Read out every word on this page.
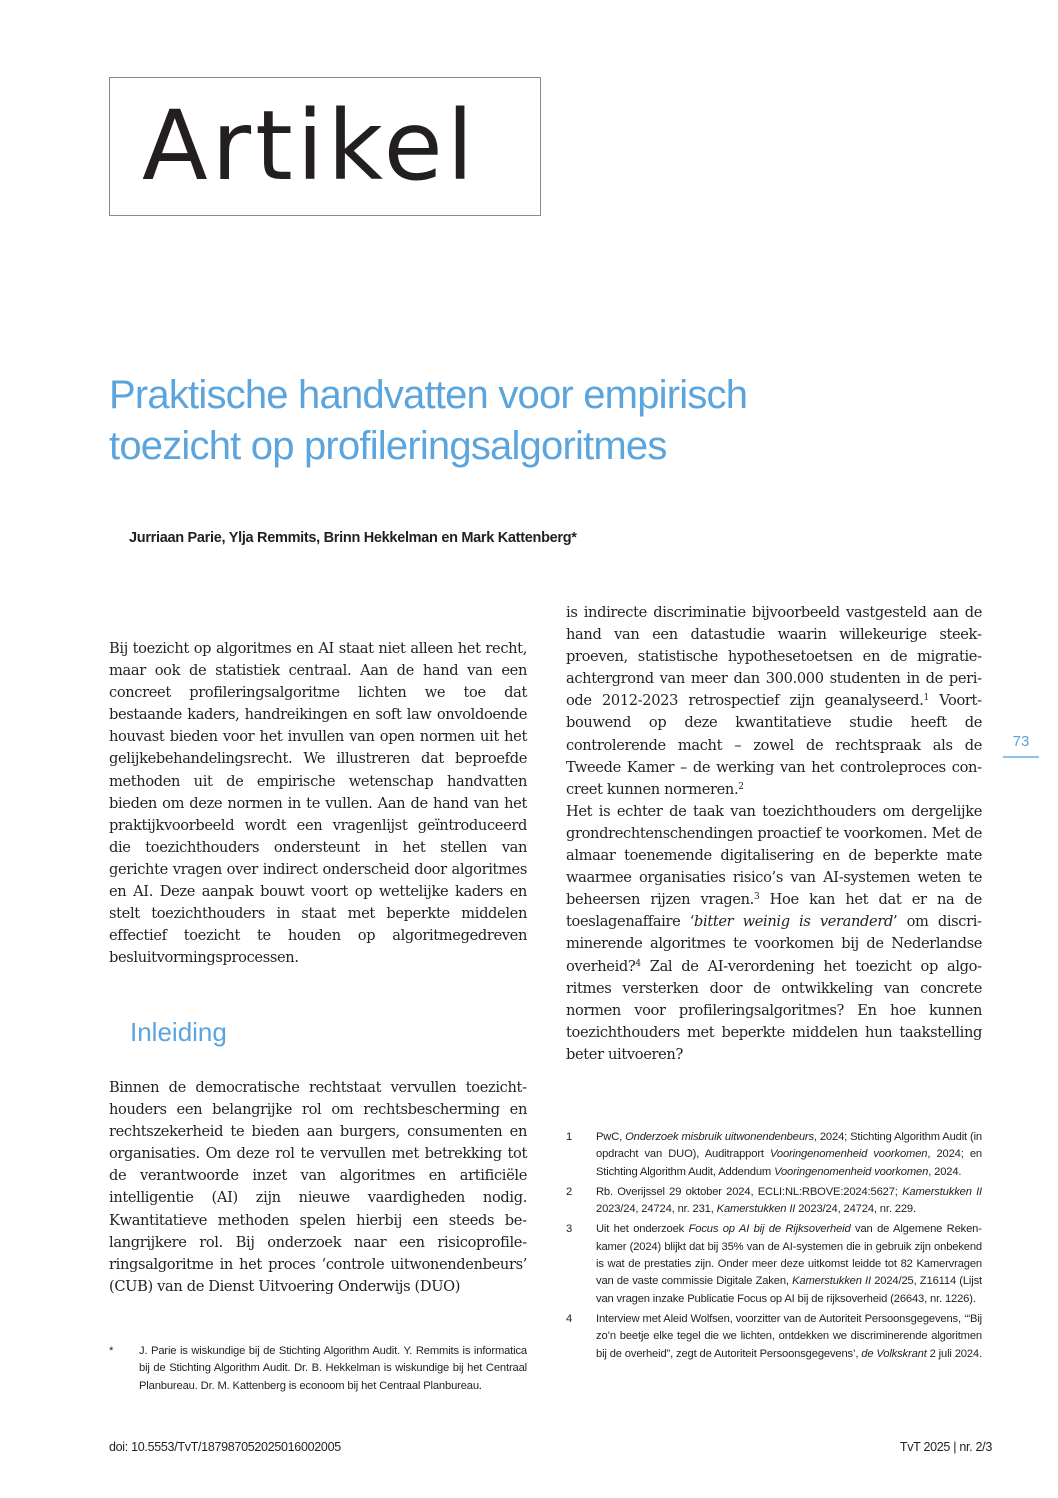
Artikel
Praktische handvatten voor empirisch
toezicht op profileringsalgoritmes
Jurriaan Parie, Ylja Remmits, Brinn Hekkelman en Mark Kattenberg*

Bij toezicht op algoritmes en AI staat niet alleen het recht, maar ook de statistiek centraal. Aan de hand van een concreet profileringsalgoritme lichten we toe dat bestaande kaders, handreikingen en soft law onvoldoende houvast bieden voor het invullen van open normen uit het gelijkebehandelingsrecht. We illustreren dat beproefde methoden uit de empirische wetenschap handvatten bieden om deze normen in te vullen. Aan de hand van het praktijkvoorbeeld wordt een vragenlijst geïntroduceerd die toezichthouders ondersteunt in het stellen van gerichte vragen over indirect onderscheid door algoritmes en AI. Deze aanpak bouwt voort op wettelijke kaders en stelt toezichthouders in staat met beperkte middelen effectief toezicht te houden op algoritmegedreven besluitvormingsprocessen.

Inleiding

Binnen de democratische rechtstaat vervullen toezichthouders een belangrijke rol om rechtsbescherming en rechtszekerheid te bieden aan burgers, consumenten en organisaties. Om deze rol te vervullen met betrekking tot de verantwoorde inzet van algoritmes en artificiële intelligentie (AI) zijn nieuwe vaardigheden nodig. Kwantitatieve methoden spelen hierbij een steeds belangrijkere rol. Bij onderzoek naar een risicoprofileringsalgoritme in het proces ‘controle uitwonendenbeurs’ (CUB) van de Dienst Uitvoering Onderwijs (DUO)

is indirecte discriminatie bijvoorbeeld vastgesteld aan de hand van een datastudie waarin willekeurige steekproeven, statistische hypothesetoetsen en de migratieachtergrond van meer dan 300.000 studenten in de periode 2012-2023 retrospectief zijn geanalyseerd.$^1$ Voortbouwend op deze kwantitatieve studie heeft de controlerende macht – zowel de rechtspraak als de Tweede Kamer – de werking van het controleproces concreet kunnen normeren.$^2$

Het is echter de taak van toezichthouders om dergelijke grondrechtenschendingen proactief te voorkomen. Met de almaar toenemende digitalisering en de beperkte mate waarmee organisaties risico’s van AI-systemen weten te beheersen rijzen vragen.$^3$ Hoe kan het dat er na de toeslagenaffaire ‘bitter weinig is veranderd’ om discriminerende algoritmes te voorkomen bij de Nederlandse overheid?$^4$ Zal de AI-verordening het toezicht op algoritmes versterken door de ontwikkeling van concrete normen voor profileringsalgoritmes? En hoe kunnen toezichthouders met beperkte middelen hun taakstelling beter uitvoeren?

73
*	J. Parie is wiskundige bij de Stichting Algorithm Audit. Y. Remmits is informatica bij de Stichting Algorithm Audit. Dr. B. Hekkelman is wiskundige bij het Centraal Planbureau. Dr. M. Kattenberg is econoom bij het Centraal Planbureau.
1	PwC, Onderzoek misbruik uitwonendenbeurs, 2024; Stichting Algorithm Audit (in opdracht van DUO), Auditrapport Vooringenomenheid voorkomen, 2024; en Stichting Algorithm Audit, Addendum Vooringenomenheid voorkomen, 2024.
2	Rb. Overijssel 29 oktober 2024, ECLI:NL:RBOVE:2024:5627; Kamerstukken II 2023/24, 24724, nr. 231, Kamerstukken II 2023/24, 24724, nr. 229.
3	Uit het onderzoek Focus op AI bij de Rijksoverheid van de Algemene Rekenkamer (2024) blijkt dat bij 35% van de AI-systemen die in gebruik zijn onbekend is wat de prestaties zijn. Onder meer deze uitkomst leidde tot 82 Kamervragen van de vaste commissie Digitale Zaken, Kamerstukken II 2024/25, Z16114 (Lijst van vragen inzake Publicatie Focus op AI bij de rijksoverheid (26643, nr. 1226).
4	Interview met Aleid Wolfsen, voorzitter van de Autoriteit Persoonsgegevens, ‘“Bij zo’n beetje elke tegel die we lichten, ontdekken we discriminerende algoritmen bij de overheid”, zegt de Autoriteit Persoonsgegevens’, de Volkskrant 2 juli 2024.
doi: 10.5553/TvT/187987052025016002005	TvT 2025 | nr. 2/3
